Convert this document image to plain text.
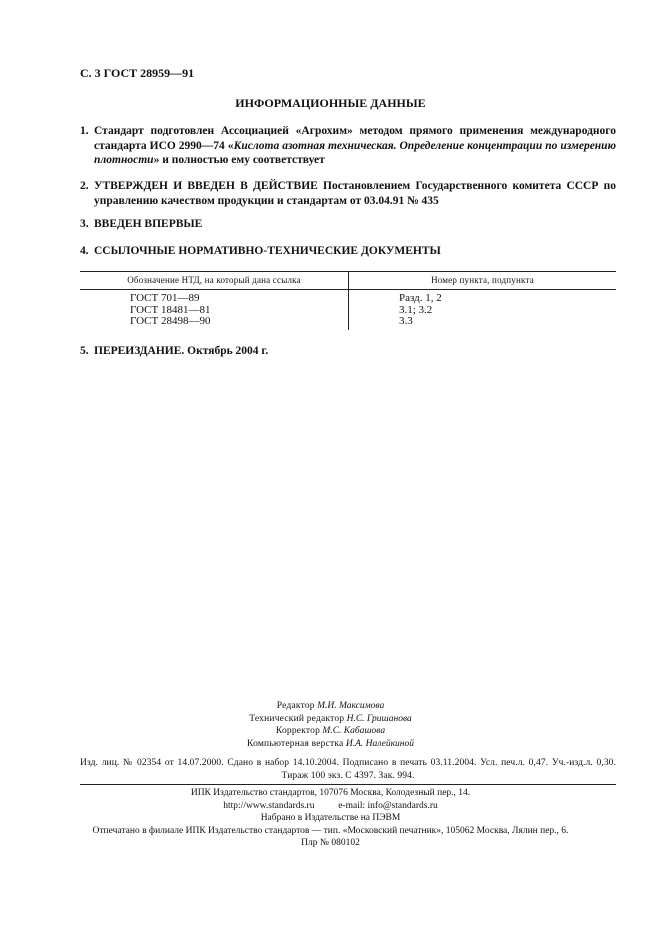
С. 3 ГОСТ 28959—91
ИНФОРМАЦИОННЫЕ ДАННЫЕ
1. Стандарт подготовлен Ассоциацией «Агрохим» методом прямого применения международного стандарта ИСО 2990—74 «Кислота азотная техническая. Определение концентрации по измерению плотности» и полностью ему соответствует
2. УТВЕРЖДЕН И ВВЕДЕН В ДЕЙСТВИЕ Постановлением Государственного комитета СССР по управлению качеством продукции и стандартам от 03.04.91 № 435
3. ВВЕДЕН ВПЕРВЫЕ
4. ССЫЛОЧНЫЕ НОРМАТИВНО-ТЕХНИЧЕСКИЕ ДОКУМЕНТЫ
Обозначение НТД, на который дана ссылка	Номер пункта, подпункта
ГОСТ 701—89	Разд. 1, 2
ГОСТ 18481—81	3.1; 3.2
ГОСТ 28498—90	3.3
5. ПЕРЕИЗДАНИЕ. Октябрь 2004 г.
Редактор М.И. Максимова
Технический редактор Н.С. Гришанова
Корректор М.С. Кабашова
Компьютерная верстка И.А. Налейкиной
Изд. лиц. № 02354 от 14.07.2000. Сдано в набор 14.10.2004. Подписано в печать 03.11.2004. Усл. печ.л. 0,47. Уч.-изд.л. 0,30.
Тираж 100 экз. С 4397. Зак. 994.
ИПК Издательство стандартов, 107076 Москва, Колодезный пер., 14.
http://www.standards.ru	e-mail: info@standards.ru
Набрано в Издательстве на ПЭВМ
Отпечатано в филиале ИПК Издательство стандартов — тип. «Московский печатник», 105062 Москва, Лялин пер., 6.
Плр № 080102
